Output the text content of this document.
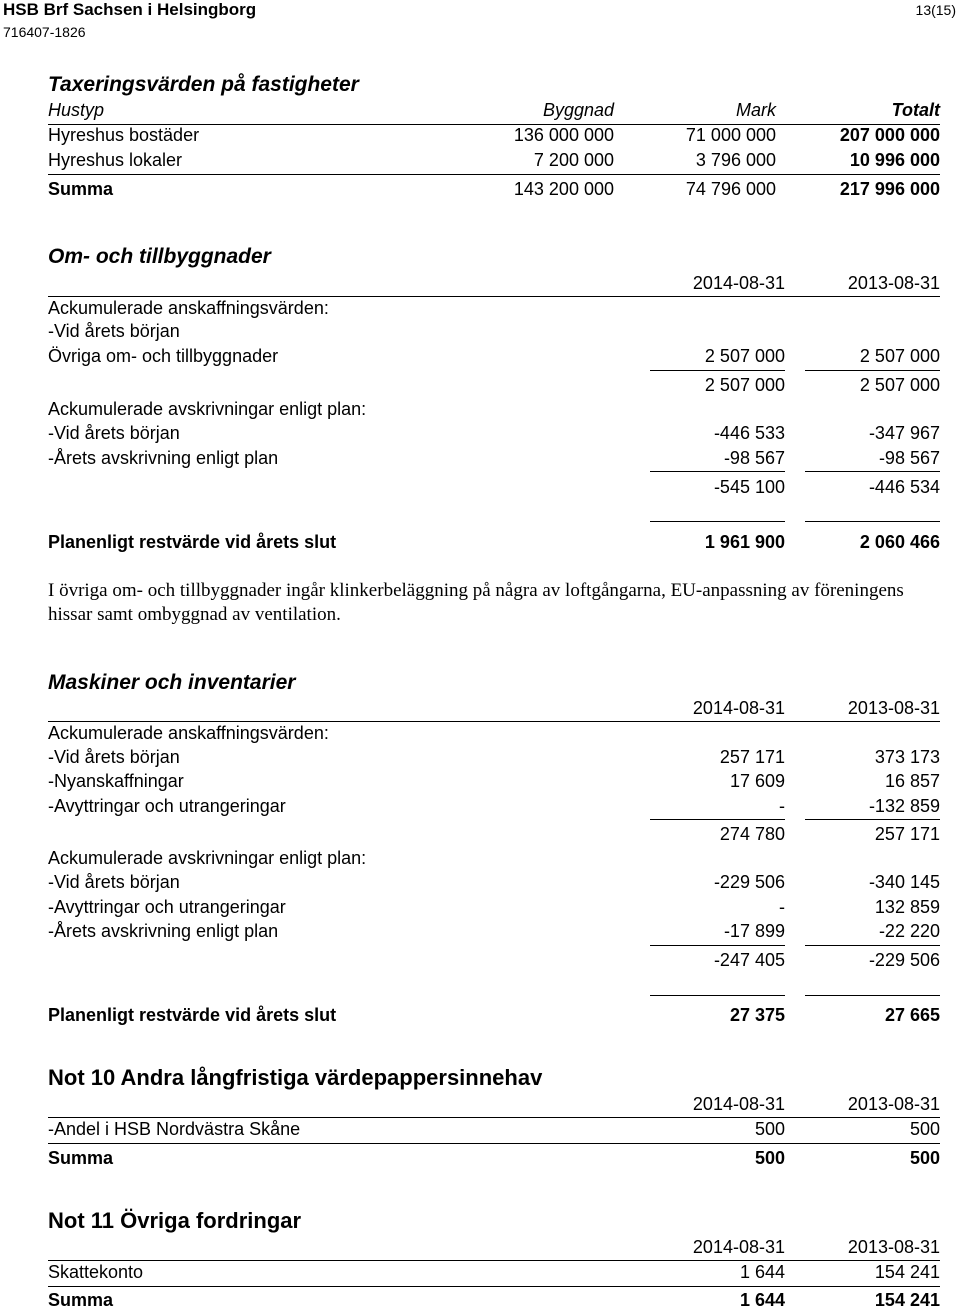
HSB Brf Sachsen i Helsingborg
716407-1826
13(15)
Taxeringsvärden på fastigheter
Hustyp	Byggnad	Mark	Totalt
Hyreshus bostäder	136 000 000	71 000 000	207 000 000
Hyreshus lokaler	7 200 000	3 796 000	10 996 000
Summa	143 200 000	74 796 000	217 996 000
Om- och tillbyggnader
2014-08-31	2013-08-31
Ackumulerade anskaffningsvärden:
-Vid årets början
Övriga om- och tillbyggnader	2 507 000	2 507 000
2 507 000	2 507 000
Ackumulerade avskrivningar enligt plan:
-Vid årets början	-446 533	-347 967
-Årets avskrivning enligt plan	-98 567	-98 567
-545 100	-446 534
Planenligt restvärde vid årets slut	1 961 900	2 060 466
I övriga om- och tillbyggnader ingår klinkerbeläggning på några av loftgångarna, EU-anpassning av föreningens hissar samt ombyggnad av ventilation.
Maskiner och inventarier
2014-08-31	2013-08-31
Ackumulerade anskaffningsvärden:
-Vid årets början	257 171	373 173
-Nyanskaffningar	17 609	16 857
-Avyttringar och utrangeringar	-	-132 859
274 780	257 171
Ackumulerade avskrivningar enligt plan:
-Vid årets början	-229 506	-340 145
-Avyttringar och utrangeringar	-	132 859
-Årets avskrivning enligt plan	-17 899	-22 220
-247 405	-229 506
Planenligt restvärde vid årets slut	27 375	27 665
Not 10 Andra långfristiga värdepappersinnehav
2014-08-31	2013-08-31
-Andel i HSB Nordvästra Skåne	500	500
Summa	500	500
Not 11 Övriga fordringar
2014-08-31	2013-08-31
Skattekonto	1 644	154 241
Summa	1 644	154 241
